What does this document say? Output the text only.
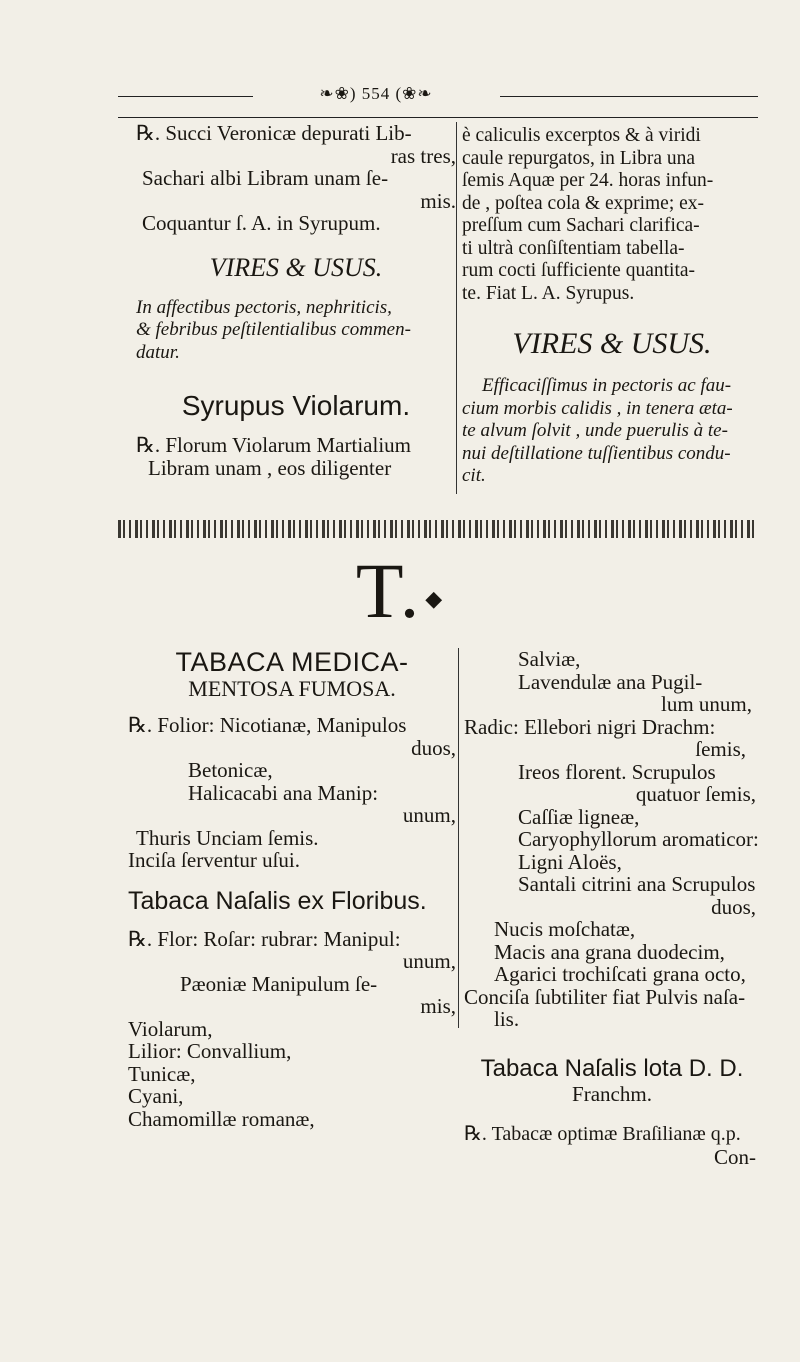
❧❀) 554 (❀❧

℞. Succi Veronicæ depurati Lib-

ras tres,

Sachari albi Libram unam ſe-

mis.

Coquantur ſ. A. in Syrupum.

VIRES & USUS.

In affectibus pectoris, nephriticis,

& febribus peſtilentialibus commen-

datur.

Syrupus Violarum.

℞. Florum Violarum Martialium

Libram unam , eos diligenter

è caliculis excerptos & à viridi

caule repurgatos, in Libra una

ſemis Aquæ per 24. horas infun-

de , poſtea cola & exprime; ex-

preſſum cum Sachari clarifica-

ti ultrà conſiſtentiam tabella-

rum cocti ſufficiente quantita-

te. Fiat L. A. Syrupus.

VIRES & USUS.

Efficaciſſimus in pectoris ac fau-

cium morbis calidis , in tenera æta-

te alvum ſolvit , unde puerulis à te-

nui deſtillatione tuſſientibus condu-

cit.

T. ◆

TABACA MEDICA-

MENTOSA FUMOSA.

℞. Folior: Nicotianæ, Manipulos

duos,

Betonicæ,

Halicacabi ana Manip:

unum,

Thuris Unciam ſemis.

Inciſa ſerventur uſui.

Tabaca Naſalis ex Floribus.

℞. Flor: Roſar: rubrar: Manipul:

unum,

Pæoniæ Manipulum ſe-

mis,

Violarum,

Lilior: Convallium,

Tunicæ,

Cyani,

Chamomillæ romanæ,

Salviæ,

Lavendulæ ana Pugil-

lum unum,

Radic: Ellebori nigri Drachm:

ſemis,

Ireos florent. Scrupulos

quatuor ſemis,

Caſſiæ ligneæ,

Caryophyllorum aromaticor:

Ligni Aloës,

Santali citrini ana Scrupulos

duos,

Nucis moſchatæ,

Macis ana grana duodecim,

Agarici trochiſcati grana octo,

Conciſa ſubtiliter fiat Pulvis naſa-

lis.

Tabaca Naſalis lota D. D.

Franchm.

℞. Tabacæ optimæ Braſilianæ q.p.

Con-
